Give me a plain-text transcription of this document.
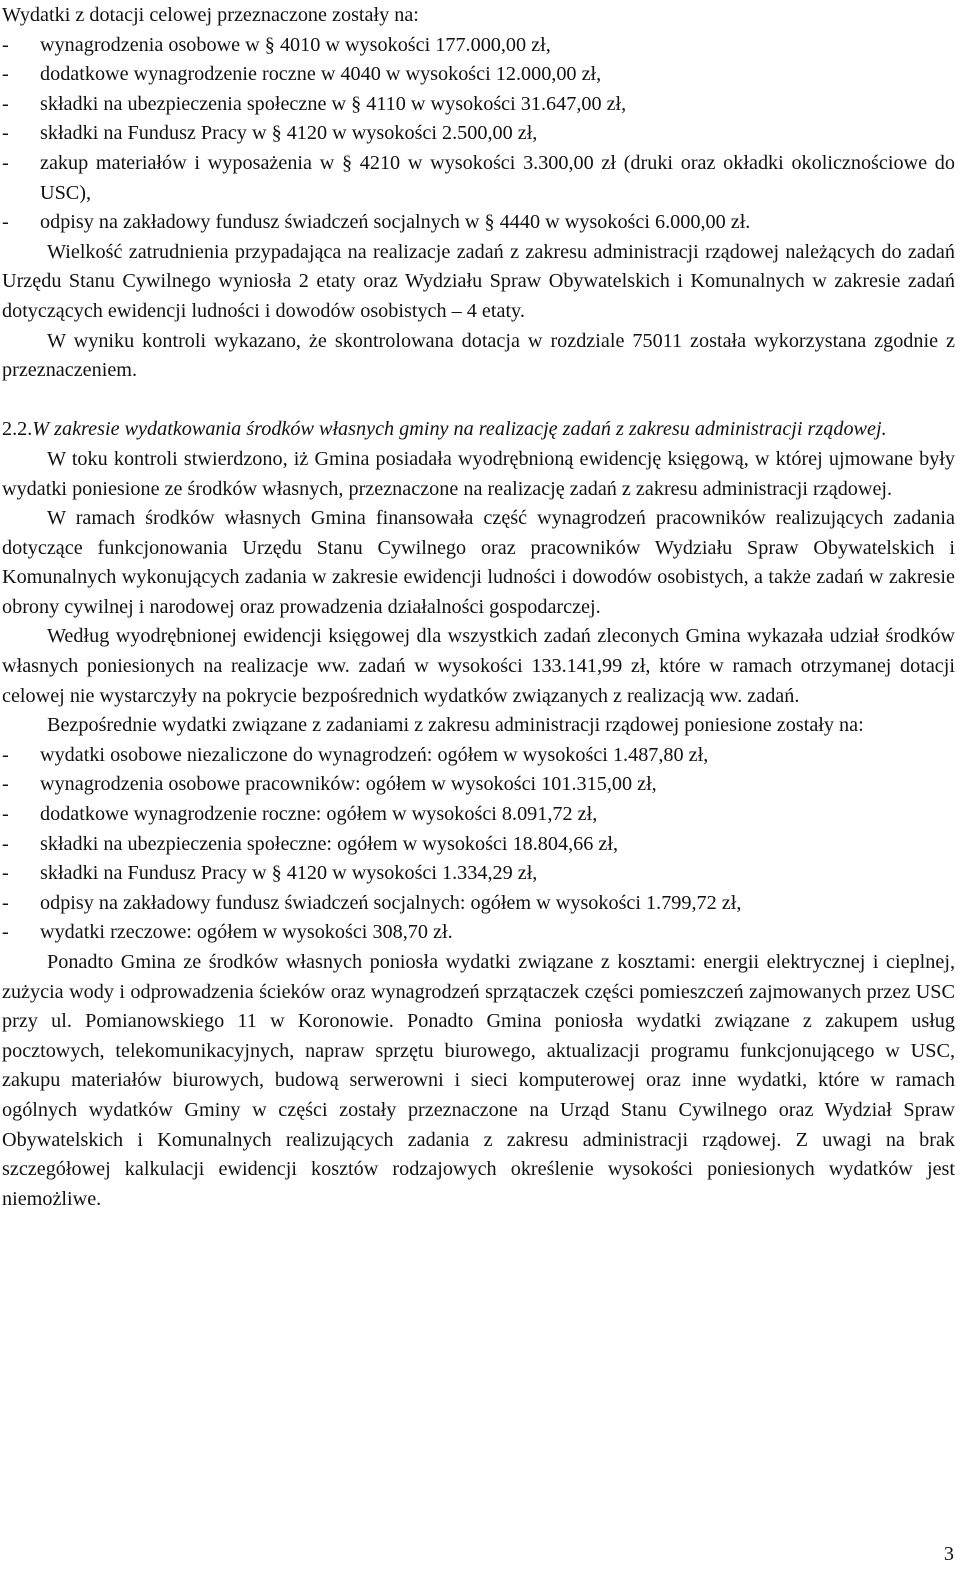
Wydatki z dotacji celowej przeznaczone zostały na:

-	wynagrodzenia osobowe w § 4010 w wysokości 177.000,00 zł,
-	dodatkowe wynagrodzenie roczne w 4040 w wysokości 12.000,00 zł,
-	składki na ubezpieczenia społeczne w § 4110 w wysokości 31.647,00 zł,
-	składki na Fundusz Pracy w § 4120 w wysokości 2.500,00 zł,
-	zakup materiałów i wyposażenia w § 4210 w wysokości 3.300,00 zł (druki oraz okładki okolicznościowe do USC),
-	odpisy na zakładowy fundusz świadczeń socjalnych w § 4440 w wysokości 6.000,00 zł.

Wielkość zatrudnienia przypadająca na realizacje zadań z zakresu administracji rządowej należących do zadań Urzędu Stanu Cywilnego wyniosła 2 etaty oraz Wydziału Spraw Obywatelskich i Komunalnych w zakresie zadań dotyczących ewidencji ludności i dowodów osobistych – 4 etaty.

W wyniku kontroli wykazano, że skontrolowana dotacja w rozdziale 75011 została wykorzystana zgodnie z przeznaczeniem.

2.2. W zakresie wydatkowania środków własnych gminy na realizację zadań z zakresu administracji rządowej.

W toku kontroli stwierdzono, iż Gmina posiadała wyodrębnioną ewidencję księgową, w której ujmowane były wydatki poniesione ze środków własnych, przeznaczone na realizację zadań z zakresu administracji rządowej.

W ramach środków własnych Gmina finansowała część wynagrodzeń pracowników realizujących zadania dotyczące funkcjonowania Urzędu Stanu Cywilnego oraz pracowników Wydziału Spraw Obywatelskich i Komunalnych wykonujących zadania w zakresie ewidencji ludności i dowodów osobistych, a także zadań w zakresie obrony cywilnej i narodowej oraz prowadzenia działalności gospodarczej.

Według wyodrębnionej ewidencji księgowej dla wszystkich zadań zleconych Gmina wykazała udział środków własnych poniesionych na realizacje ww. zadań w wysokości 133.141,99 zł, które w ramach otrzymanej dotacji celowej nie wystarczyły na pokrycie bezpośrednich wydatków związanych z realizacją ww. zadań.

Bezpośrednie wydatki związane z zadaniami z zakresu administracji rządowej poniesione zostały na:

-	wydatki osobowe niezaliczone do wynagrodzeń: ogółem w wysokości 1.487,80 zł,
-	wynagrodzenia osobowe pracowników: ogółem w wysokości 101.315,00 zł,
-	dodatkowe wynagrodzenie roczne: ogółem w wysokości 8.091,72 zł,
-	składki na ubezpieczenia społeczne: ogółem w wysokości 18.804,66 zł,
-	składki na Fundusz Pracy w § 4120 w wysokości 1.334,29 zł,
-	odpisy na zakładowy fundusz świadczeń socjalnych: ogółem w wysokości 1.799,72 zł,
-	wydatki rzeczowe: ogółem w wysokości 308,70 zł.

Ponadto Gmina ze środków własnych poniosła wydatki związane z kosztami: energii elektrycznej i cieplnej, zużycia wody i odprowadzenia ścieków oraz wynagrodzeń sprzątaczek części pomieszczeń zajmowanych przez USC przy ul. Pomianowskiego 11 w Koronowie. Ponadto Gmina poniosła wydatki związane z zakupem usług pocztowych, telekomunikacyjnych, napraw sprzętu biurowego, aktualizacji programu funkcjonującego w USC, zakupu materiałów biurowych, budową serwerowni i sieci komputerowej oraz inne wydatki, które w ramach ogólnych wydatków Gminy w części zostały przeznaczone na Urząd Stanu Cywilnego oraz Wydział Spraw Obywatelskich i Komunalnych realizujących zadania z zakresu administracji rządowej. Z uwagi na brak szczegółowej kalkulacji ewidencji kosztów rodzajowych określenie wysokości poniesionych wydatków jest niemożliwe.

3
